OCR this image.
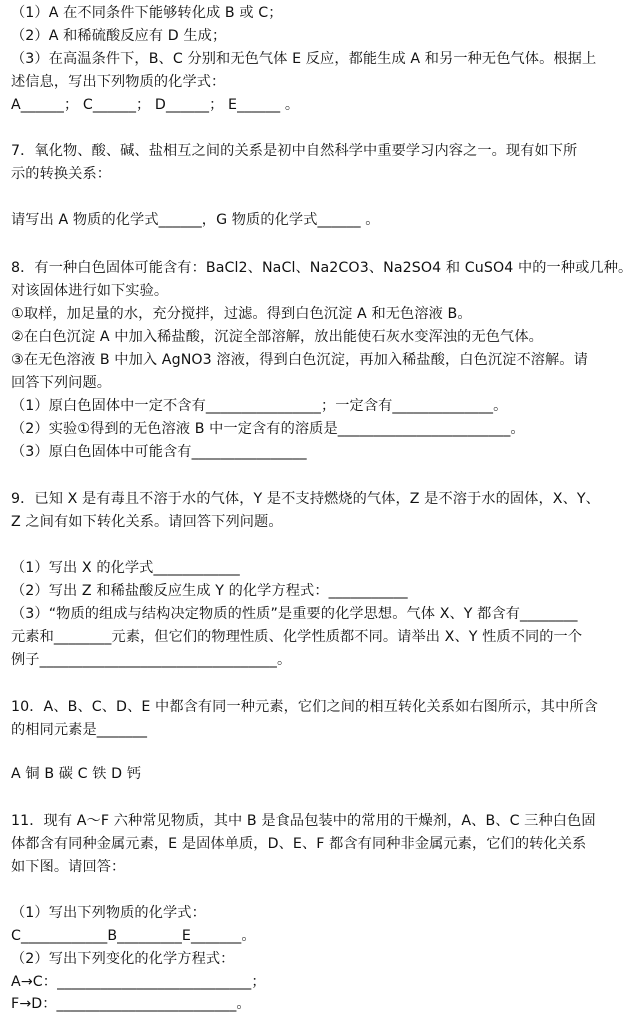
（1）A 在不同条件下能够转化成 B 或 C；
（2）A 和稀硫酸反应有 D 生成；
（3）在高温条件下，B、C 分别和无色气体 E 反应，都能生成 A 和另一种无色气体。根据上
述信息，写出下列物质的化学式：
A______； C______； D______； E______ 。
7．氧化物、酸、碱、盐相互之间的关系是初中自然科学中重要学习内容之一。现有如下所
示的转换关系：
请写出 A 物质的化学式______，G 物质的化学式______ 。
8．有一种白色固体可能含有：BaCl2、NaCl、Na2CO3、Na2SO4 和 CuSO4 中的一种或几种。
对该固体进行如下实验。
①取样，加足量的水，充分搅拌，过滤。得到白色沉淀 A 和无色溶液 B。
②在白色沉淀 A 中加入稀盐酸，沉淀全部溶解，放出能使石灰水变浑浊的无色气体。
③在无色溶液 B 中加入 AgNO3 溶液，得到白色沉淀，再加入稀盐酸，白色沉淀不溶解。请
回答下列问题。
（1）原白色固体中一定不含有________________；一定含有______________。
（2）实验①得到的无色溶液 B 中一定含有的溶质是________________________。
（3）原白色固体中可能含有________________
9．已知 X 是有毒且不溶于水的气体，Y 是不支持燃烧的气体，Z 是不溶于水的固体，X、Y、
Z 之间有如下转化关系。请回答下列问题。
（1）写出 X 的化学式____________
（2）写出 Z 和稀盐酸反应生成 Y 的化学方程式：___________
（3）“物质的组成与结构决定物质的性质”是重要的化学思想。气体 X、Y 都含有________
元素和________元素，但它们的物理性质、化学性质都不同。请举出 X、Y 性质不同的一个
例子_________________________________。
10．A、B、C、D、E 中都含有同一种元素，它们之间的相互转化关系如右图所示，其中所含
的相同元素是_______
A 铜 B 碳 C 铁 D 钙
11．现有 A～F 六种常见物质，其中 B 是食品包装中的常用的干燥剂，A、B、C 三种白色固
体都含有同种金属元素，E 是固体单质，D、E、F 都含有同种非金属元素，它们的转化关系
如下图。请回答：
（1）写出下列物质的化学式：
C____________B_________E_______。
（2）写出下列变化的化学方程式：
A→C：___________________________；
F→D：_________________________。
